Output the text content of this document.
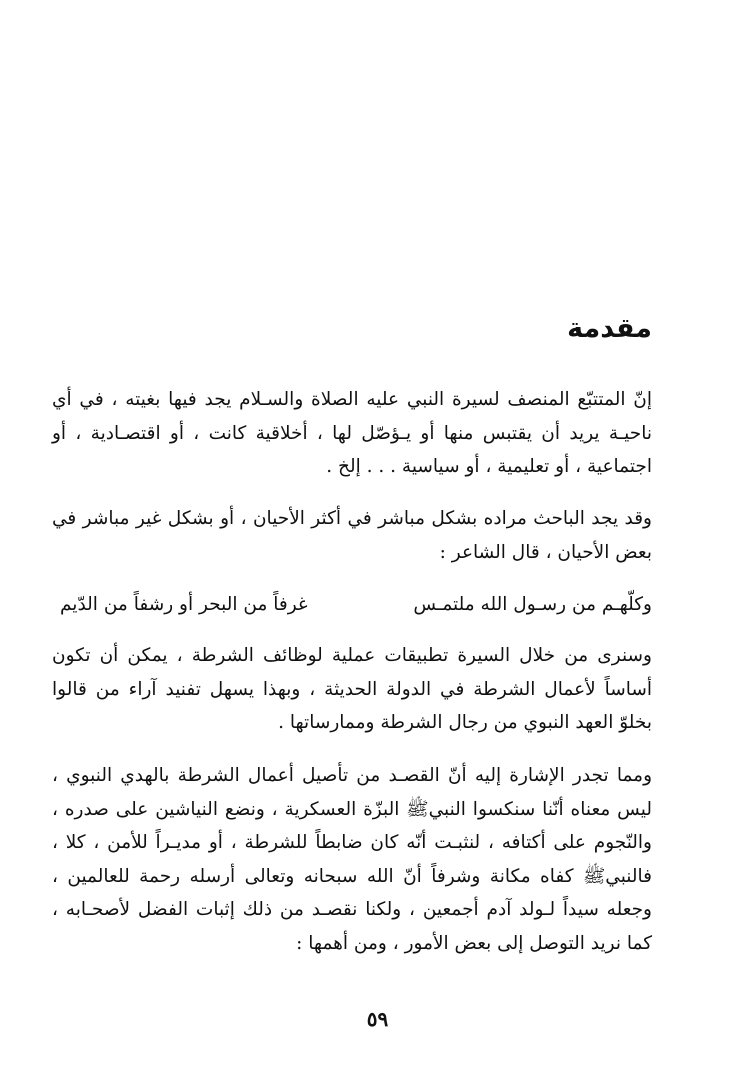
مقدمة

إنّ المتتبّع المنصف لسيرة النبي عليه الصلاة والسـلام يجد فيها بغيته ، في أي ناحيـة يريد أن يقتبس منها أو يـؤصّل لها ، أخلاقية كانت ، أو اقتصـادية ، أو اجتماعية ، أو تعليمية ، أو سياسية . . . إلخ .

وقد يجد الباحث مراده بشكل مباشر في أكثر الأحيان ، أو بشكل غير مباشر في بعض الأحيان ، قال الشاعر :

وكلّهـم من رسـول الله ملتمـس
غرفاً من البحر أو رشفاً من الدّيم

وسنرى من خلال السيرة تطبيقات عملية لوظائف الشرطة ، يمكن أن تكون أساساً لأعمال الشرطة في الدولة الحديثة ، وبهذا يسهل تفنيد آراء من قالوا بخلوّ العهد النبوي من رجال الشرطة وممارساتها .

ومما تجدر الإشارة إليه أنّ القصـد من تأصيل أعمال الشرطة بالهدي النبوي ، ليس معناه أنّنا سنكسوا النبيﷺ البزّة العسكرية ، ونضع النياشين على صدره ، والنّجوم على أكتافه ، لنثبـت أنّه كان ضابطاً للشرطة ، أو مديـراً للأمن ، كلا ، فالنبيﷺ كفاه مكانة وشرفاً أنّ الله سبحانه وتعالى أرسله رحمة للعالمين ، وجعله سيداً لـولد آدم أجمعين ، ولكنا نقصـد من ذلك إثبات الفضل لأصحـابه ، كما نريد التوصل إلى بعض الأمور ، ومن أهمها :

٥٩
